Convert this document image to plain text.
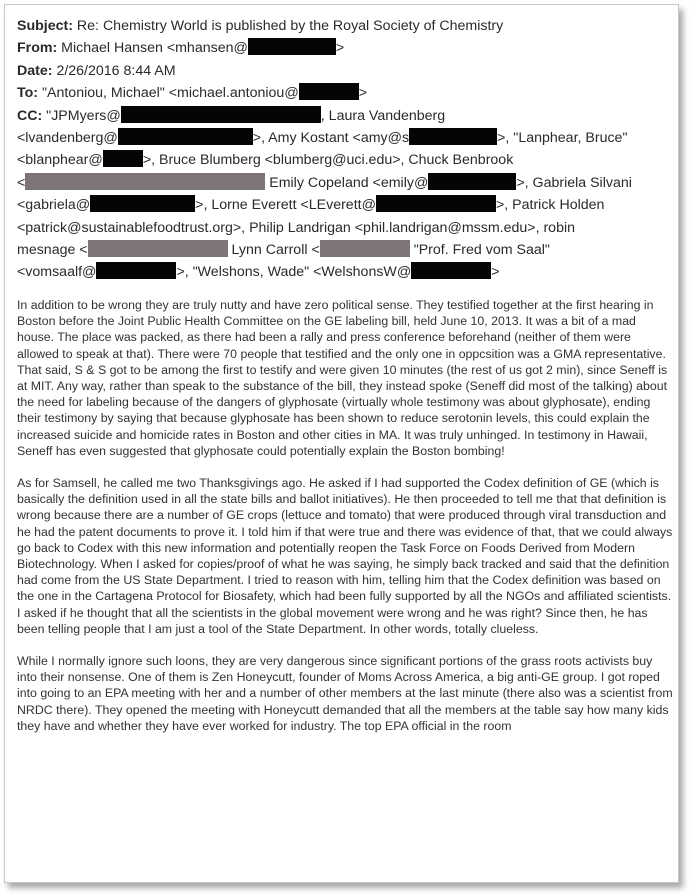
Subject: Re: Chemistry World is published by the Royal Society of Chemistry
From: Michael Hansen <mhansen@	>
Date: 2/26/2016 8:44 AM
To: "Antoniou, Michael" <michael.antoniou@	>
CC: "JPMyers@	, Laura Vandenberg
<lvandenberg@	>, Amy Kostant <amy@s	>, "Lanphear, Bruce"
<blanphear@	>, Bruce Blumberg <blumberg@uci.edu>, Chuck Benbrook
<	Emily Copeland <emily@	>, Gabriela Silvani
<gabriela@	>, Lorne Everett <LEverett@	>, Patrick Holden
<patrick@sustainablefoodtrust.org>, Philip Landrigan <phil.landrigan@mssm.edu>, robin
mesnage <	Lynn Carroll <	"Prof. Fred vom Saal"
<vomsaalf@	>, "Welshons, Wade" <WelshonsW@	>

In addition to be wrong they are truly nutty and have zero political sense. They testified together at the first hearing in Boston before the Joint Public Health Committee on the GE labeling bill, held June 10, 2013. It was a bit of a mad house. The place was packed, as there had been a rally and press conference beforehand (neither of them were allowed to speak at that). There were 70 people that testified and the only one in oppcsition was a GMA representative. That said, S & S got to be among the first to testify and were given 10 minutes (the rest of us got 2 min), since Seneff is at MIT. Any way, rather than speak to the substance of the bill, they instead spoke (Seneff did most of the talking) about the need for labeling because of the dangers of glyphosate (virtually whole testimony was about glyphosate), ending their testimony by saying that because glyphosate has been shown to reduce serotonin levels, this could explain the increased suicide and homicide rates in Boston and other cities in MA. It was truly unhinged. In testimony in Hawaii, Seneff has even suggested that glyphosate could potentially explain the Boston bombing!

As for Samsell, he called me two Thanksgivings ago. He asked if I had supported the Codex definition of GE (which is basically the definition used in all the state bills and ballot initiatives). He then proceeded to tell me that that definition is wrong because there are a number of GE crops (lettuce and tomato) that were produced through viral transduction and he had the patent documents to prove it. I told him if that were true and there was evidence of that, that we could always go back to Codex with this new information and potentially reopen the Task Force on Foods Derived from Modern Biotechnology. When I asked for copies/proof of what he was saying, he simply back tracked and said that the definition had come from the US State Department. I tried to reason with him, telling him that the Codex definition was based on the one in the Cartagena Protocol for Biosafety, which had been fully supported by all the NGOs and affiliated scientists. I asked if he thought that all the scientists in the global movement were wrong and he was right? Since then, he has been telling people that I am just a tool of the State Department. In other words, totally clueless.

While I normally ignore such loons, they are very dangerous since significant portions of the grass roots activists buy into their nonsense. One of them is Zen Honeycutt, founder of Moms Across America, a big anti-GE group. I got roped into going to an EPA meeting with her and a number of other members at the last minute (there also was a scientist from NRDC there). They opened the meeting with Honeycutt demanded that all the members at the table say how many kids they have and whether they have ever worked for industry. The top EPA official in the room
